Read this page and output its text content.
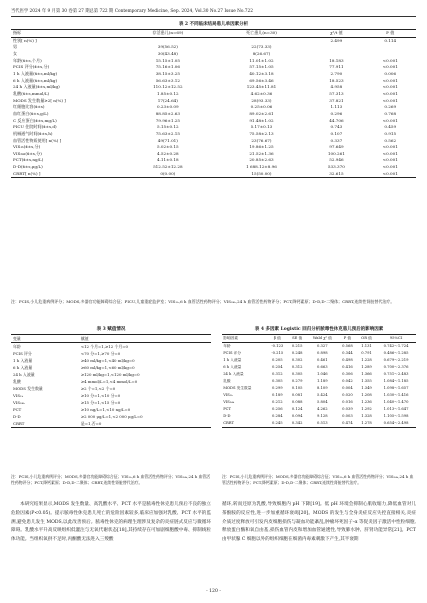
当代医学 2024 年 9 月第 30 卷第 27 期总第 722 期 Contemporary Medicine, Sep. 2024, Vol.30 No.27 Issue No.722
表 2 不同临床结局患儿单因素分析
指标	存活患儿(n=69)	死亡患儿(n=30)	χ²/t 值	P 值
性别[ n(%) ]			2.499	0.114
男	39(56.52)	22(73.33)		
女	30(43.48)	8(26.67)		
年龄(x̄±s,个月)	15.15±1.05	11.01±1.02	18.183	<0.001
PCIS 评分(x̄±s,分)	75.16±1.06	57.15±1.05	77.911	<0.001
1 h 入液量(x̄±s,ml/kg)	38.15±3.25	40.12±3.18	2.790	0.006
6 h 入液量(x̄±s,ml/kg)	56.63±3.12	69.56±3.46	18.523	<0.001
24 h 入液量(x̄±s,ml/kg)	110.12±12.52	123.45±11.81	4.958	<0.001
乳酸(x̄±s,mmol/L)	1.85±0.12	4.62±0.36	57.313	<0.001
MODS 发生数量≥2[ n(%) ]	17(24.64)	28(93.33)	37.821	<0.001
红细胞比容(x̄±s)	0.23±0.09	0.25±0.06	1.113	0.269
血红蛋白(x̄±s,g/L)	88.85±2.63	89.02±2.61	0.296	0.768
C 反应蛋白(x̄±s,mg/L)	79.96±1.25	91.48±1.02	44.706	<0.001
PICU 住院时间(x̄±s,d)	5.15±0.12	5.17±0.13	0.743	0.459
机械通气时间(x̄±s,h)	75.63±2.15	75.58±2.13	0.107	0.915
血管活性物质使用[ n(%) ]	49(71.01)	23(76.67)	0.337	0.562
VIS₁ₕ(x̄±s,分)	5.02±0.15	19.86±1.25	97.649	<0.001
VIS₂₄ₕ(x̄±s,分)	4.52±0.28	21.52±1.36	100.261	<0.001
PCT(x̄±s,ng/L)	4.11±0.18	20.85±2.63	52.946	<0.001
D-D(x̄±s,μg/L)	512.52±12.28	1 688.12±8.96	533.370	<0.001
CRRT[ n(%) ]	0(0.00)	15(50.00)	32.615	<0.001
注：PCIS,小儿危重病例评分；MODS,多器官功能障碍综合征；PICU,儿童重症监护室；VIS₁ₕ,6 h 血管活性药物评分；VIS₂₄ₕ,24 h 血管活性药物评分；PCT,降钙素原；D-D,D-二聚体；CRRT,连续性肾脏替代治疗。
表 3 赋值情况
变量	赋值
年龄	<12 个月=1,≥12 个月=0
PCIS 评分	<70 分=1,≥70 分=0
1 h 入液量	≥40 ml/kg=1,<40 ml/kg=0
6 h 入液量	≥60 ml/kg=1,<60 ml/kg=0
24 h 入液量	≥120 ml/kg=1,<120 ml/kg=0
乳酸	≥4 mmol/L=1,<4 mmol/L=0
MODS 发生数量	≥2 个=1,<2 个=0
VIS₁ₕ	≥10 分=1,<10 分=0
VIS₂₄ₕ	≥15 分=1,<15 分=0
PCT	≥10 ng/L=1,<10 ng/L=0
D-D	≥2 000 μg/L=1,<2 000 μg/L=0
CRRT	是=1,否=0
表 4 多因素 Logistic 回归分析脓毒性休克患儿预后的影响因素
影响因素	β 值	SE 值	Wald χ² 值	P 值	OR 值	95%CI
年龄	-0.123	0.215	0.327	0.568	1.131	0.742～1.724
PCIS 评分	-0.215	0.248	0.898	0.344	0.791	0.486～1.285
1 h 入液量	0.205	0.302	0.461	0.498	1.228	0.679～2.219
6 h 入液量	0.254	0.312	0.663	0.416	1.289	0.700～2.376
24 h 入液量	0.312	0.305	1.046	0.306	1.366	0.751～2.483
乳酸	0.305	0.279	1.189	0.042	1.355	1.084～1.185
MODS 发生数量	0.299	0.105	8.109	0.004	1.349	1.098～1.657
VIS₁ₕ	0.189	0.081	5.424	0.020	1.208	1.030～1.416
VIS₂₄ₕ	0.212	0.088	5.804	0.016	1.236	1.040～1.470
PCT	0.256	0.124	4.262	0.039	1.292	1.013～1.647
D-D	0.284	0.094	9.128	0.003	1.328	1.105～1.598
CRRT	0.245	0.342	0.513	0.474	1.278	0.654～2.498
注：PCIS,小儿危重病例评分；MODS,多器官功能障碍综合征；VIS₁ₕ,6 h 血管活性药物评分；VIS₂₄ₕ,24 h 血管活性药物评分；PCT,降钙素原；D-D,D-二聚体；CRRT,连续性肾脏替代治疗。
注：PCIS,小儿危重病例评分；MODS,多器官功能障碍综合征；VIS₁ₕ,6 h 血管活性药物评分；VIS₂₄ₕ,24 h 血管活性药物评分；PCT,降钙素原；D-D,D-二聚体；CRRT,连续性肾脏替代治疗。
本研究结果显示,MODS 发生数量、高乳酸水平、PCT 水平是脓毒性休克患儿预后不良的独立危险因素(P<0.05)。提示脓毒性休克患儿死亡的危险因素较多,临床应加强对乳酸、PCT 水平的监测,避免患儿发生 MODS,以此改善预后。脓毒性休克的病理生理涉及复杂的炎症链式反应与微循环障碍。乳酸水平升高反映组织低灌注与无氧代谢状态[18],其持续存在可加剧细胞酸中毒、抑制线粒体功能。当组织氧供不足时,丙酮酸无法进入三羧酸
循环,转而还原为乳酸,导致细胞内 pH 下降[19]。低 pH 环境会抑制心肌收缩力,降低血管对儿茶酚胺的反应性,进一步加重循环衰竭[20]。MODS 的发生与全身炎症反应失控直接相关,炎症介质过度释放可引发内皮细胞损伤与凝血功能紊乱,肿瘤坏死因子-α 等促炎因子激活中性粒细胞,释放蛋白酶和氧自由基,损伤血管内皮和增加血管通透性,导致肺水肿、肝肾功能异常[21]。PCT 由甲状腺 C 细胞以外的组织细胞在细菌内毒素刺激下产生,其半衰期
- 120 -
